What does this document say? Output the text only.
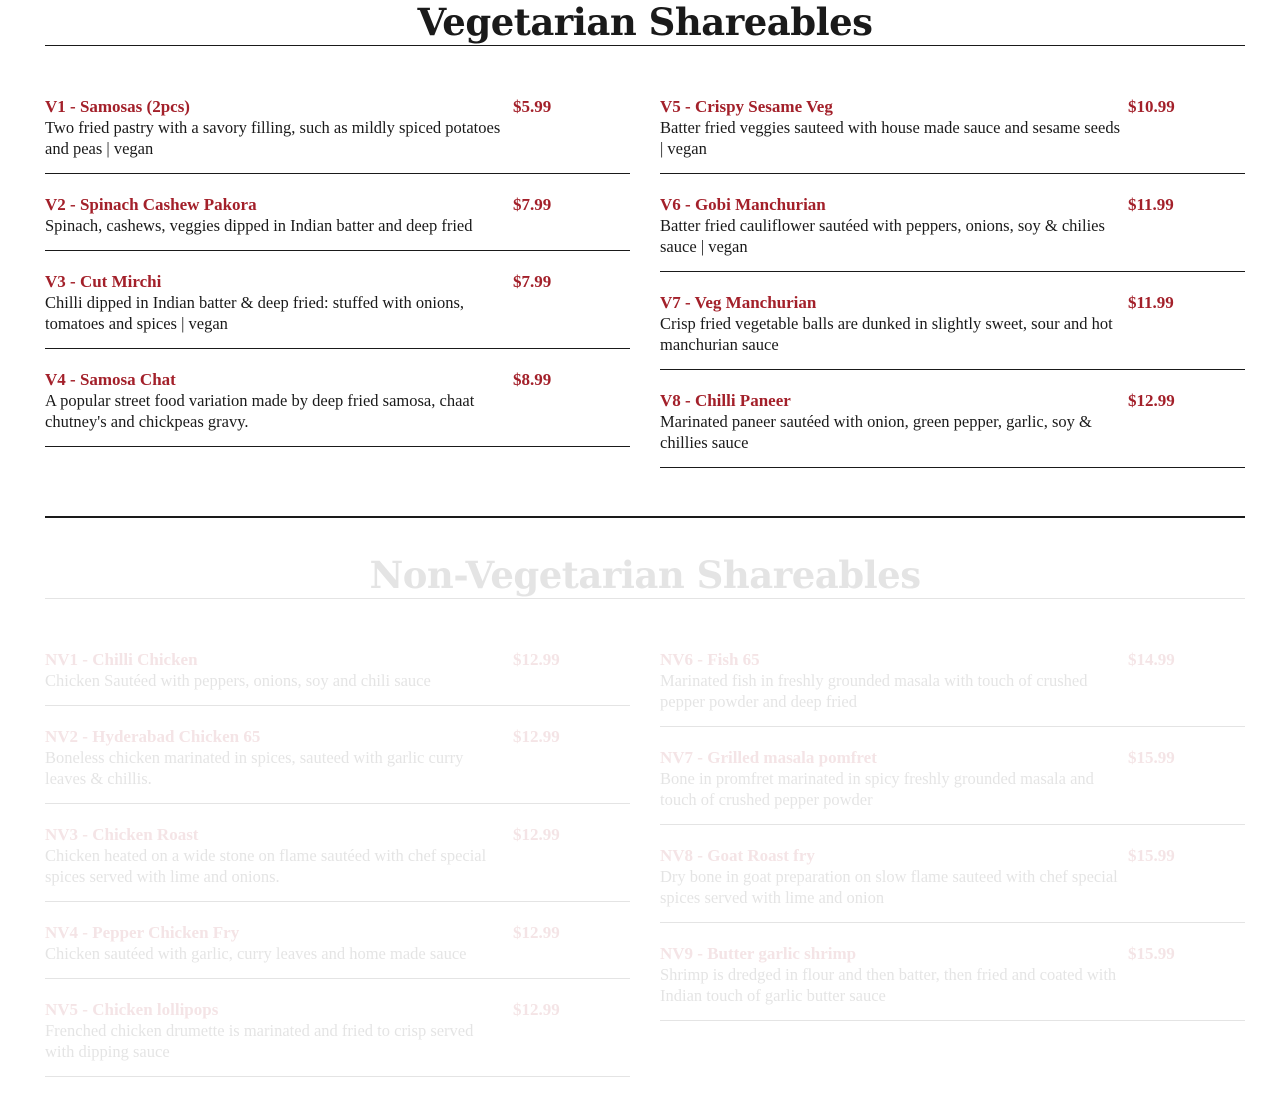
Vegetarian Shareables
V1 - Samosas (2pcs)	$5.99
Two fried pastry with a savory filling, such as mildly spiced potatoes and peas | vegan
V2 - Spinach Cashew Pakora	$7.99
Spinach, cashews, veggies dipped in Indian batter and deep fried
V3 - Cut Mirchi	$7.99
Chilli dipped in Indian batter & deep fried: stuffed with onions, tomatoes and spices | vegan
V4 - Samosa Chat	$8.99
A popular street food variation made by deep fried samosa, chaat chutney's and chickpeas gravy.
V5 - Crispy Sesame Veg	$10.99
Batter fried veggies sauteed with house made sauce and sesame seeds | vegan
V6 - Gobi Manchurian	$11.99
Batter fried cauliflower sautéed with peppers, onions, soy & chilies sauce | vegan
V7 - Veg Manchurian	$11.99
Crisp fried vegetable balls are dunked in slightly sweet, sour and hot manchurian sauce
V8 - Chilli Paneer	$12.99
Marinated paneer sautéed with onion, green pepper, garlic, soy & chillies sauce
Non-Vegetarian Shareables
NV1 - Chilli Chicken	$12.99
Chicken Sautéed with peppers, onions, soy and chili sauce
NV2 - Hyderabad Chicken 65	$12.99
Boneless chicken marinated in spices, sauteed with garlic curry leaves & chillis.
NV3 - Chicken Roast	$12.99
Chicken heated on a wide stone on flame sautéed with chef special spices served with lime and onions.
NV4 - Pepper Chicken Fry	$12.99
Chicken sautéed with garlic, curry leaves and home made sauce
NV5 - Chicken lollipops	$12.99
Frenched chicken drumette is marinated and fried to crisp served with dipping sauce
NV6 - Fish 65	$14.99
Marinated fish in freshly grounded masala with touch of crushed pepper powder and deep fried
NV7 - Grilled masala pomfret	$15.99
Bone in promfret marinated in spicy freshly grounded masala and touch of crushed pepper powder
NV8 - Goat Roast fry	$15.99
Dry bone in goat preparation on slow flame sauteed with chef special spices served with lime and onion
NV9 - Butter garlic shrimp	$15.99
Shrimp is dredged in flour and then batter, then fried and coated with Indian touch of garlic butter sauce
